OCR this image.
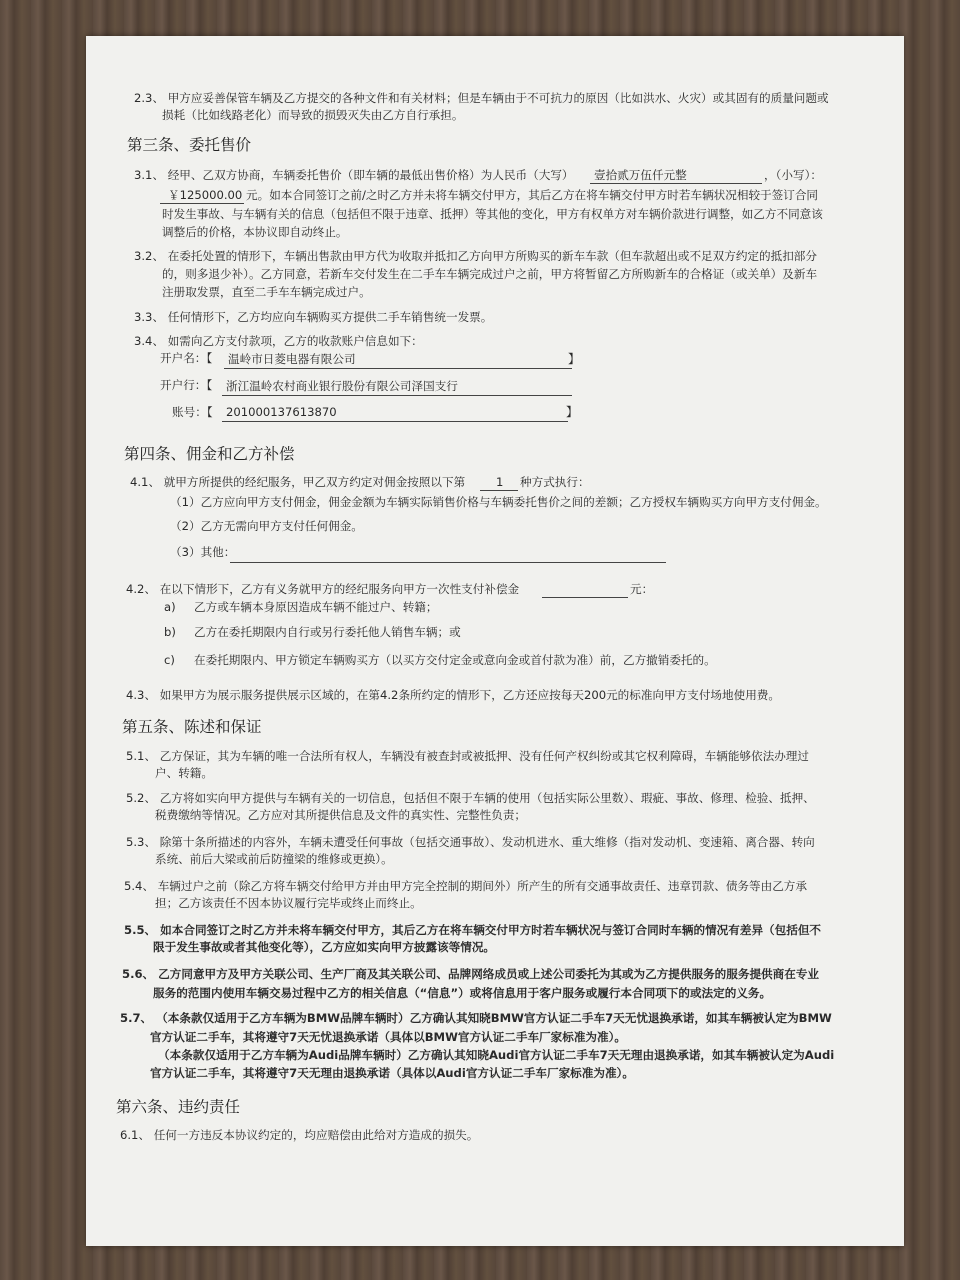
2.3、 甲方应妥善保管车辆及乙方提交的各种文件和有关材料；但是车辆由于不可抗力的原因（比如洪水、火灾）或其固有的质量问题或
损耗（比如线路老化）而导致的损毁灭失由乙方自行承担。
第三条、委托售价
3.1、 经甲、乙双方协商，车辆委托售价（即车辆的最低出售价格）为人民币（大写） 壹拾贰万伍仟元整	，（小写）：
￥125000.00 元。如本合同签订之前/之时乙方并未将车辆交付甲方，其后乙方在将车辆交付甲方时若车辆状况相较于签订合同
时发生事故、与车辆有关的信息（包括但不限于违章、抵押）等其他的变化，甲方有权单方对车辆价款进行调整，如乙方不同意该
调整后的价格，本协议即自动终止。
3.2、 在委托处置的情形下，车辆出售款由甲方代为收取并抵扣乙方向甲方所购买的新车车款（但车款超出或不足双方约定的抵扣部分
的，则多退少补）。乙方同意，若新车交付发生在二手车车辆完成过户之前，甲方将暂留乙方所购新车的合格证（或关单）及新车
注册取发票，直至二手车车辆完成过户。
3.3、 任何情形下，乙方均应向车辆购买方提供二手车销售统一发票。
3.4、 如需向乙方支付款项，乙方的收款账户信息如下：
开户名：【 温岭市日菱电器有限公司	】
开户行：【 浙江温岭农村商业银行股份有限公司泽国支行
账号：【 201000137613870	】
第四条、佣金和乙方补偿
4.1、 就甲方所提供的经纪服务，甲乙双方约定对佣金按照以下第	1 种方式执行：
（1）乙方应向甲方支付佣金，佣金金额为车辆实际销售价格与车辆委托售价之间的差额；乙方授权车辆购买方向甲方支付佣金。
（2）乙方无需向甲方支付任何佣金。
（3）其他：
4.2、 在以下情形下，乙方有义务就甲方的经纪服务向甲方一次性支付补偿金	元：
a) 乙方或车辆本身原因造成车辆不能过户、转籍；
b) 乙方在委托期限内自行或另行委托他人销售车辆；或
c) 在委托期限内、甲方锁定车辆购买方（以买方交付定金或意向金或首付款为准）前，乙方撤销委托的。
4.3、 如果甲方为展示服务提供展示区域的，在第4.2条所约定的情形下，乙方还应按每天200元的标准向甲方支付场地使用费。
第五条、陈述和保证
5.1、 乙方保证，其为车辆的唯一合法所有权人，车辆没有被查封或被抵押、没有任何产权纠纷或其它权利障碍，车辆能够依法办理过
户、转籍。
5.2、 乙方将如实向甲方提供与车辆有关的一切信息，包括但不限于车辆的使用（包括实际公里数）、瑕疵、事故、修理、检验、抵押、
税费缴纳等情况。乙方应对其所提供信息及文件的真实性、完整性负责；
5.3、 除第十条所描述的内容外，车辆未遭受任何事故（包括交通事故）、发动机进水、重大维修（指对发动机、变速箱、离合器、转向
系统、前后大梁或前后防撞梁的维修或更换）。
5.4、 车辆过户之前（除乙方将车辆交付给甲方并由甲方完全控制的期间外）所产生的所有交通事故责任、违章罚款、债务等由乙方承
担；乙方该责任不因本协议履行完毕或终止而终止。
5.5、 如本合同签订之时乙方并未将车辆交付甲方，其后乙方在将车辆交付甲方时若车辆状况与签订合同时车辆的情况有差异（包括但不
限于发生事故或者其他变化等），乙方应如实向甲方披露该等情况。
5.6、 乙方同意甲方及甲方关联公司、生产厂商及其关联公司、品牌网络成员或上述公司委托为其或为乙方提供服务的服务提供商在专业
服务的范围内使用车辆交易过程中乙方的相关信息（“信息”）或将信息用于客户服务或履行本合同项下的或法定的义务。
5.7、 （本条款仅适用于乙方车辆为BMW品牌车辆时）乙方确认其知晓BMW官方认证二手车7天无忧退换承诺，如其车辆被认定为BMW
官方认证二手车，其将遵守7天无忧退换承诺（具体以BMW官方认证二手车厂家标准为准）。
（本条款仅适用于乙方车辆为Audi品牌车辆时）乙方确认其知晓Audi官方认证二手车7天无理由退换承诺，如其车辆被认定为Audi
官方认证二手车，其将遵守7天无理由退换承诺（具体以Audi官方认证二手车厂家标准为准）。
第六条、违约责任
6.1、 任何一方违反本协议约定的，均应赔偿由此给对方造成的损失。
